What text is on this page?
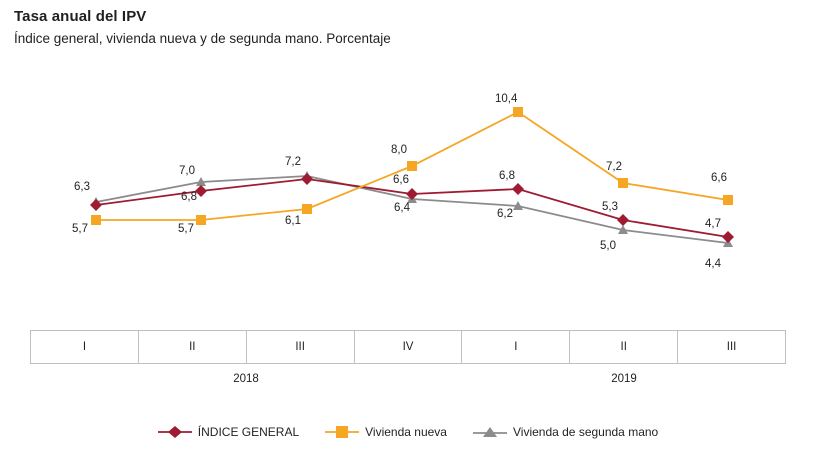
Tasa anual del IPV
Índice general, vivienda nueva y de segunda mano. Porcentaje
6,3
7,0
7,2
6,6	6,8
5,3
4,7
5,7	5,7
6,1
8,0
10,4
7,2
6,6
6,8
6,4	6,2
5,0
4,4
I	II	III	IV	I	II	III
2018	2019
ÍNDICE GENERAL	Vivienda nueva	Vivienda de segunda mano
